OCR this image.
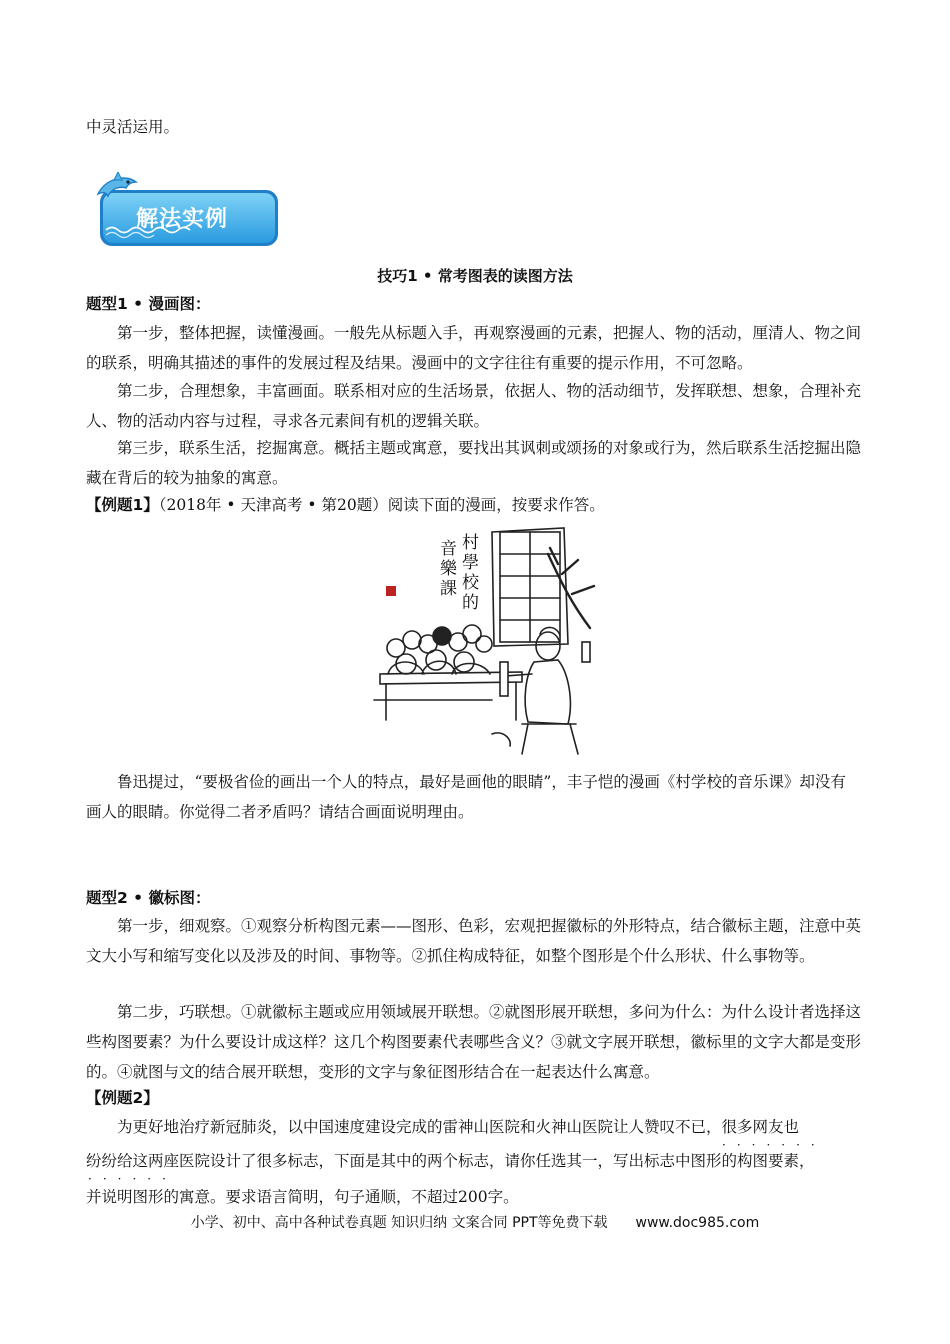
中灵活运用。
解法实例
技巧1 • 常考图表的读图方法
题型1 • 漫画图：
第一步，整体把握，读懂漫画。一般先从标题入手，再观察漫画的元素，把握人、物的活动，厘清人、物之间的联系，明确其描述的事件的发展过程及结果。漫画中的文字往往有重要的提示作用，不可忽略。
第二步，合理想象，丰富画面。联系相对应的生活场景，依据人、物的活动细节，发挥联想、想象，合理补充人、物的活动内容与过程，寻求各元素间有机的逻辑关联。
第三步，联系生活，挖掘寓意。概括主题或寓意，要找出其讽刺或颂扬的对象或行为，然后联系生活挖掘出隐藏在背后的较为抽象的寓意。
【例题1】（2018年 • 天津高考 • 第20题）阅读下面的漫画，按要求作答。
村
學
校
的
音
樂
課
鲁迅提过，“要极省俭的画出一个人的特点，最好是画他的眼睛”，丰子恺的漫画《村学校的音乐课》却没有画人的眼睛。你觉得二者矛盾吗？请结合画面说明理由。
题型2 • 徽标图：
第一步，细观察。①观察分析构图元素——图形、色彩，宏观把握徽标的外形特点，结合徽标主题，注意中英文大小写和缩写变化以及涉及的时间、事物等。②抓住构成特征，如整个图形是个什么形状、什么事物等。
第二步，巧联想。①就徽标主题或应用领域展开联想。②就图形展开联想，多问为什么：为什么设计者选择这些构图要素？为什么要设计成这样？这几个构图要素代表哪些含义？③就文字展开联想，徽标里的文字大都是变形的。④就图与文的结合展开联想，变形的文字与象征图形结合在一起表达什么寓意。
【例题2】
为更好地治疗新冠肺炎，以中国速度建设完成的雷神山医院和火神山医院让人赞叹不已，很多网友也
·······
纷纷给这两座医院设计了很多标志，下面是其中的两个标志，请你任选其一，写出标志中图形的构图要素，
······
并说明图形的寓意。要求语言简明，句子通顺，不超过200字。
小学、初中、高中各种试卷真题 知识归纳 文案合同 PPT等免费下载 www.doc985.com
